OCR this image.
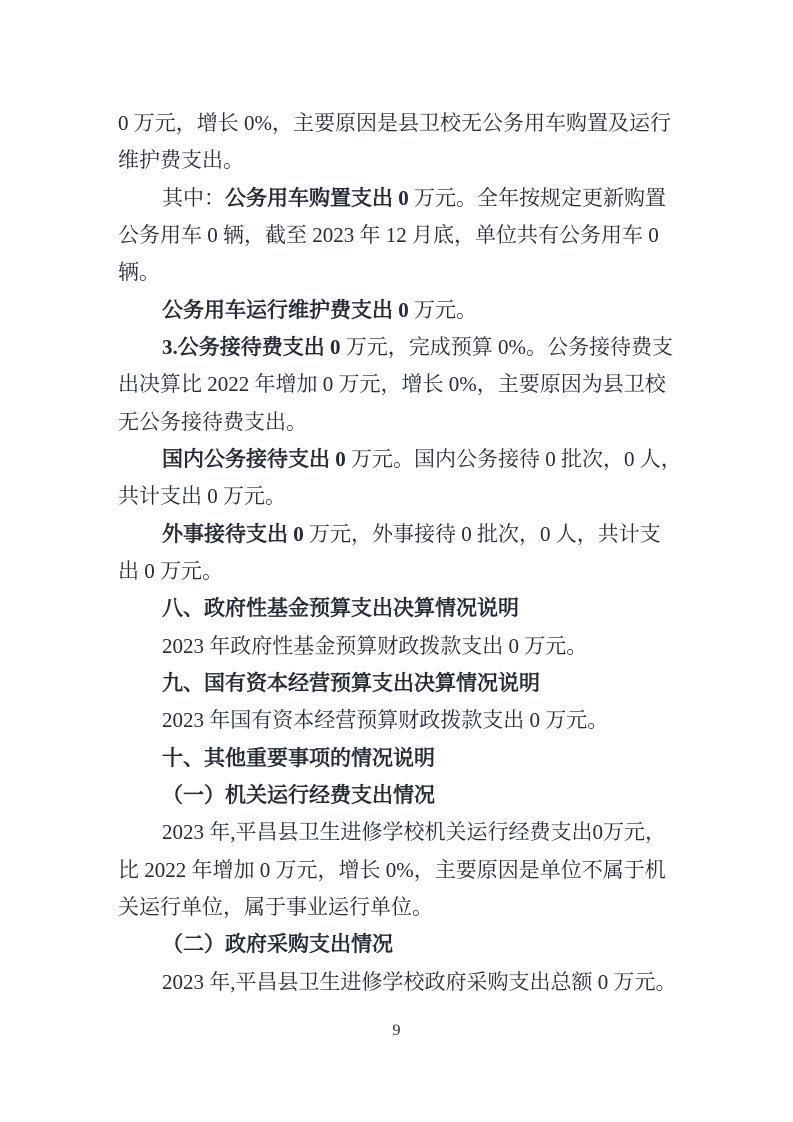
0 万元，增长 0%，主要原因是县卫校无公务用车购置及运行
维护费支出。
其中：公务用车购置支出 0 万元。全年按规定更新购置
公务用车 0 辆，截至 2023 年 12 月底，单位共有公务用车 0
辆。
公务用车运行维护费支出 0 万元。
3.公务接待费支出 0 万元，完成预算 0%。公务接待费支
出决算比 2022 年增加 0 万元，增长 0%，主要原因为县卫校
无公务接待费支出。
国内公务接待支出 0 万元。国内公务接待 0 批次，0 人，
共计支出 0 万元。
外事接待支出 0 万元，外事接待 0 批次，0 人，共计支
出 0 万元。
八、政府性基金预算支出决算情况说明
2023 年政府性基金预算财政拨款支出 0 万元。
九、国有资本经营预算支出决算情况说明
2023 年国有资本经营预算财政拨款支出 0 万元。
十、其他重要事项的情况说明
（一）机关运行经费支出情况
2023 年,平昌县卫生进修学校机关运行经费支出0万元，
比 2022 年增加 0 万元，增长 0%，主要原因是单位不属于机
关运行单位，属于事业运行单位。
（二）政府采购支出情况
2023 年,平昌县卫生进修学校政府采购支出总额 0 万元。
9
